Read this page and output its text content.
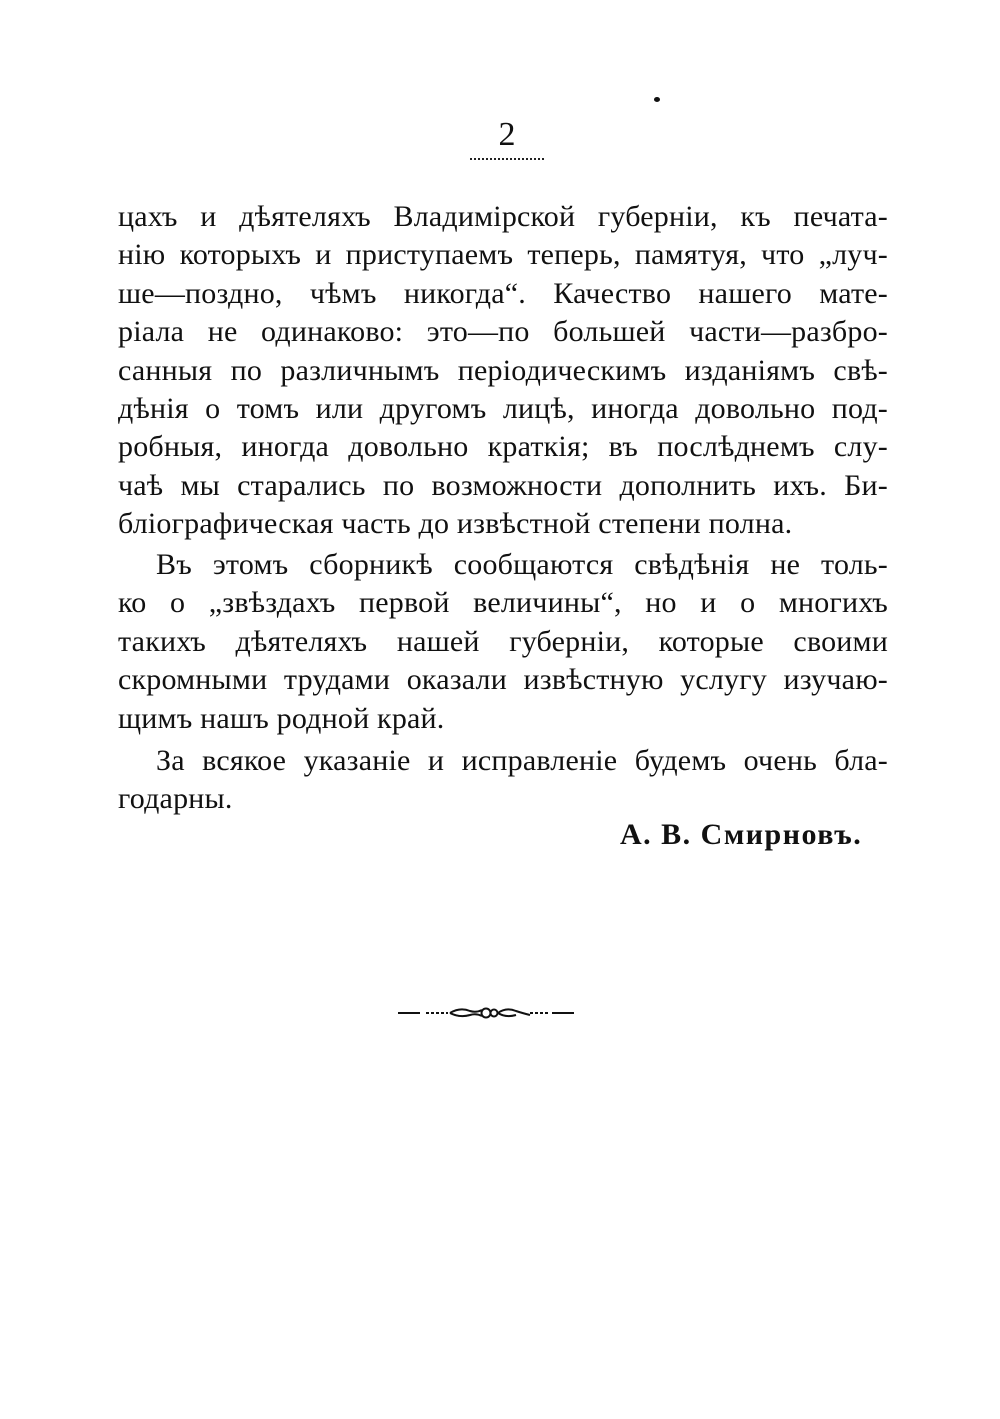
2
цахъ и дѣятеляхъ Владимірской губерніи, къ печата-
нію которыхъ и приступаемъ теперь, памятуя, что „луч-
ше—поздно, чѣмъ никогда“. Качество нашего мате-
ріала не одинаково: это—по большей части—разбро-
санныя по различнымъ періодическимъ изданіямъ свѣ-
дѣнія о томъ или другомъ лицѣ, иногда довольно под-
робныя, иногда довольно краткія; въ послѣднемъ слу-
чаѣ мы старались по возможности дополнить ихъ. Би-
бліографическая часть до извѣстной степени полна.
Въ этомъ сборникѣ сообщаются свѣдѣнія не толь-
ко о „звѣздахъ первой величины“, но и о многихъ
такихъ дѣятеляхъ нашей губерніи, которые своими
скромными трудами оказали извѣстную услугу изучаю-
щимъ нашъ родной край.
За всякое указаніе и исправленіе будемъ очень бла-
годарны.
А. В. Смирновъ.
